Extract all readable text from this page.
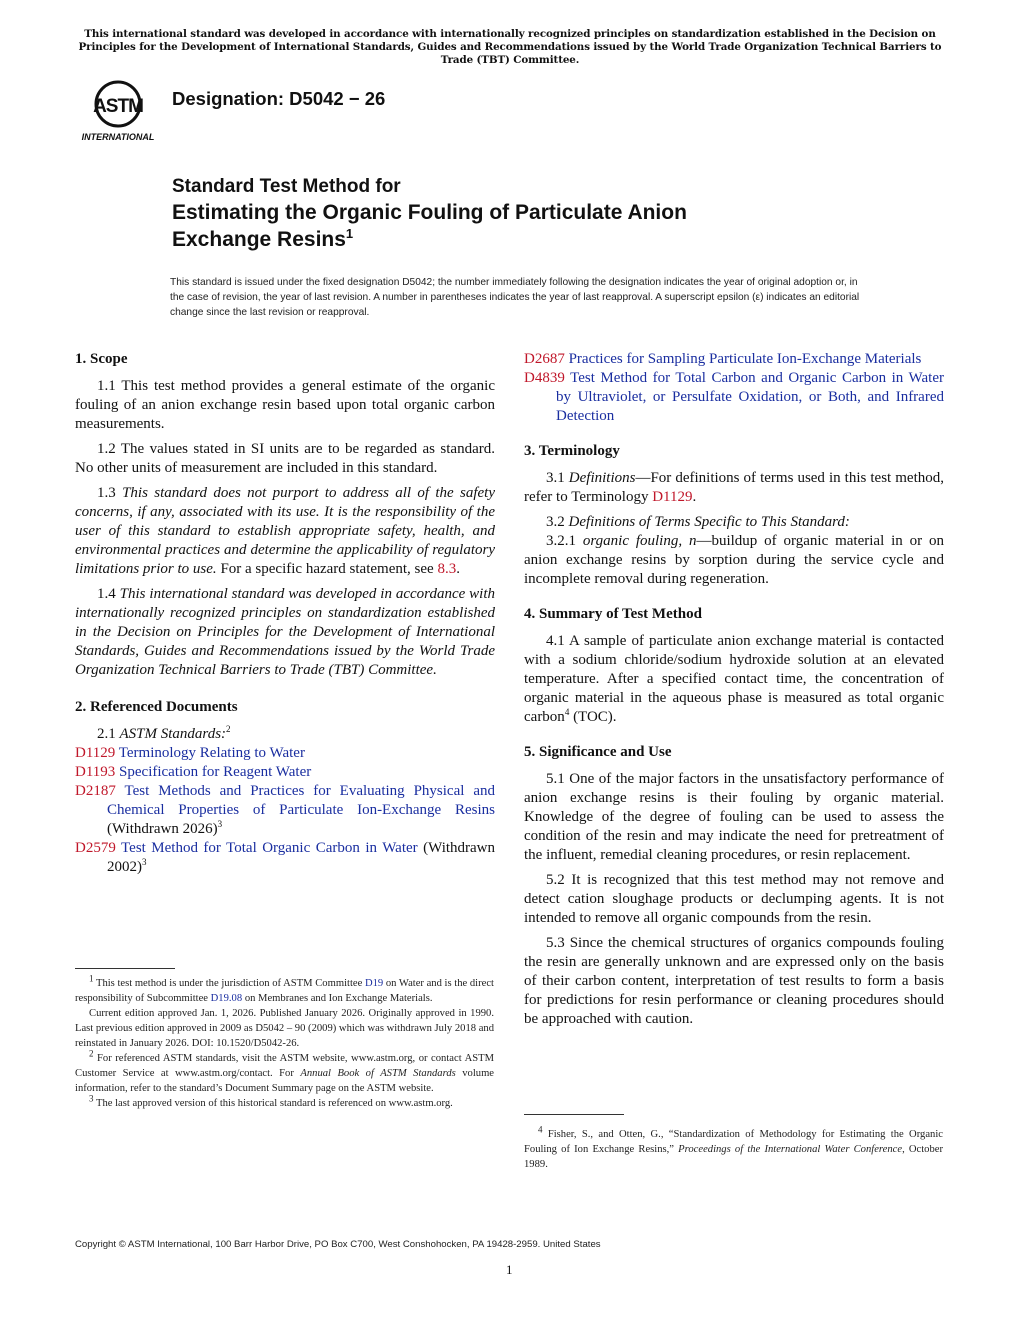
This international standard was developed in accordance with internationally recognized principles on standardization established in the Decision on Principles for the Development of International Standards, Guides and Recommendations issued by the World Trade Organization Technical Barriers to Trade (TBT) Committee.
ASTM
INTERNATIONAL
Designation: D5042 − 26
Standard Test Method for
Estimating the Organic Fouling of Particulate Anion
Exchange Resins$^1$
This standard is issued under the fixed designation D5042; the number immediately following the designation indicates the year of original adoption or, in the case of revision, the year of last revision. A number in parentheses indicates the year of last reapproval. A superscript epsilon (ε) indicates an editorial change since the last revision or reapproval.
1. Scope

1.1 This test method provides a general estimate of the organic fouling of an anion exchange resin based upon total organic carbon measurements.

1.2 The values stated in SI units are to be regarded as standard. No other units of measurement are included in this standard.

1.3 This standard does not purport to address all of the safety concerns, if any, associated with its use. It is the responsibility of the user of this standard to establish appropriate safety, health, and environmental practices and determine the applicability of regulatory limitations prior to use. For a specific hazard statement, see 8.3.

1.4 This international standard was developed in accordance with internationally recognized principles on standardization established in the Decision on Principles for the Development of International Standards, Guides and Recommendations issued by the World Trade Organization Technical Barriers to Trade (TBT) Committee.

2. Referenced Documents

2.1 ASTM Standards:$^2$

D1129 Terminology Relating to Water

D1193 Specification for Reagent Water

D2187 Test Methods and Practices for Evaluating Physical and Chemical Properties of Particulate Ion-Exchange Resins (Withdrawn 2026)$^3$

D2579 Test Method for Total Organic Carbon in Water (Withdrawn 2002)$^3$

$^1$ This test method is under the jurisdiction of ASTM Committee D19 on Water and is the direct responsibility of Subcommittee D19.08 on Membranes and Ion Exchange Materials.

Current edition approved Jan. 1, 2026. Published January 2026. Originally approved in 1990. Last previous edition approved in 2009 as D5042 – 90 (2009) which was withdrawn July 2018 and reinstated in January 2026. DOI: 10.1520/D5042-26.

$^2$ For referenced ASTM standards, visit the ASTM website, www.astm.org, or contact ASTM Customer Service at www.astm.org/contact. For Annual Book of ASTM Standards volume information, refer to the standard’s Document Summary page on the ASTM website.

$^3$ The last approved version of this historical standard is referenced on www.astm.org.

D2687 Practices for Sampling Particulate Ion-Exchange Materials

D4839 Test Method for Total Carbon and Organic Carbon in Water by Ultraviolet, or Persulfate Oxidation, or Both, and Infrared Detection

3. Terminology

3.1 Definitions—For definitions of terms used in this test method, refer to Terminology D1129.

3.2 Definitions of Terms Specific to This Standard:

3.2.1 organic fouling, n—buildup of organic material in or on anion exchange resins by sorption during the service cycle and incomplete removal during regeneration.

4. Summary of Test Method

4.1 A sample of particulate anion exchange material is contacted with a sodium chloride/sodium hydroxide solution at an elevated temperature. After a specified contact time, the concentration of organic material in the aqueous phase is measured as total organic carbon$^4$ (TOC).

5. Significance and Use

5.1 One of the major factors in the unsatisfactory performance of anion exchange resins is their fouling by organic material. Knowledge of the degree of fouling can be used to assess the condition of the resin and may indicate the need for pretreatment of the influent, remedial cleaning procedures, or resin replacement.

5.2 It is recognized that this test method may not remove and detect cation sloughage products or declumping agents. It is not intended to remove all organic compounds from the resin.

5.3 Since the chemical structures of organics compounds fouling the resin are generally unknown and are expressed only on the basis of their carbon content, interpretation of test results to form a basis for predictions for resin performance or cleaning procedures should be approached with caution.

$^4$ Fisher, S., and Otten, G., “Standardization of Methodology for Estimating the Organic Fouling of Ion Exchange Resins,” Proceedings of the International Water Conference, October 1989.

Copyright © ASTM International, 100 Barr Harbor Drive, PO Box C700, West Conshohocken, PA 19428-2959. United States
1
